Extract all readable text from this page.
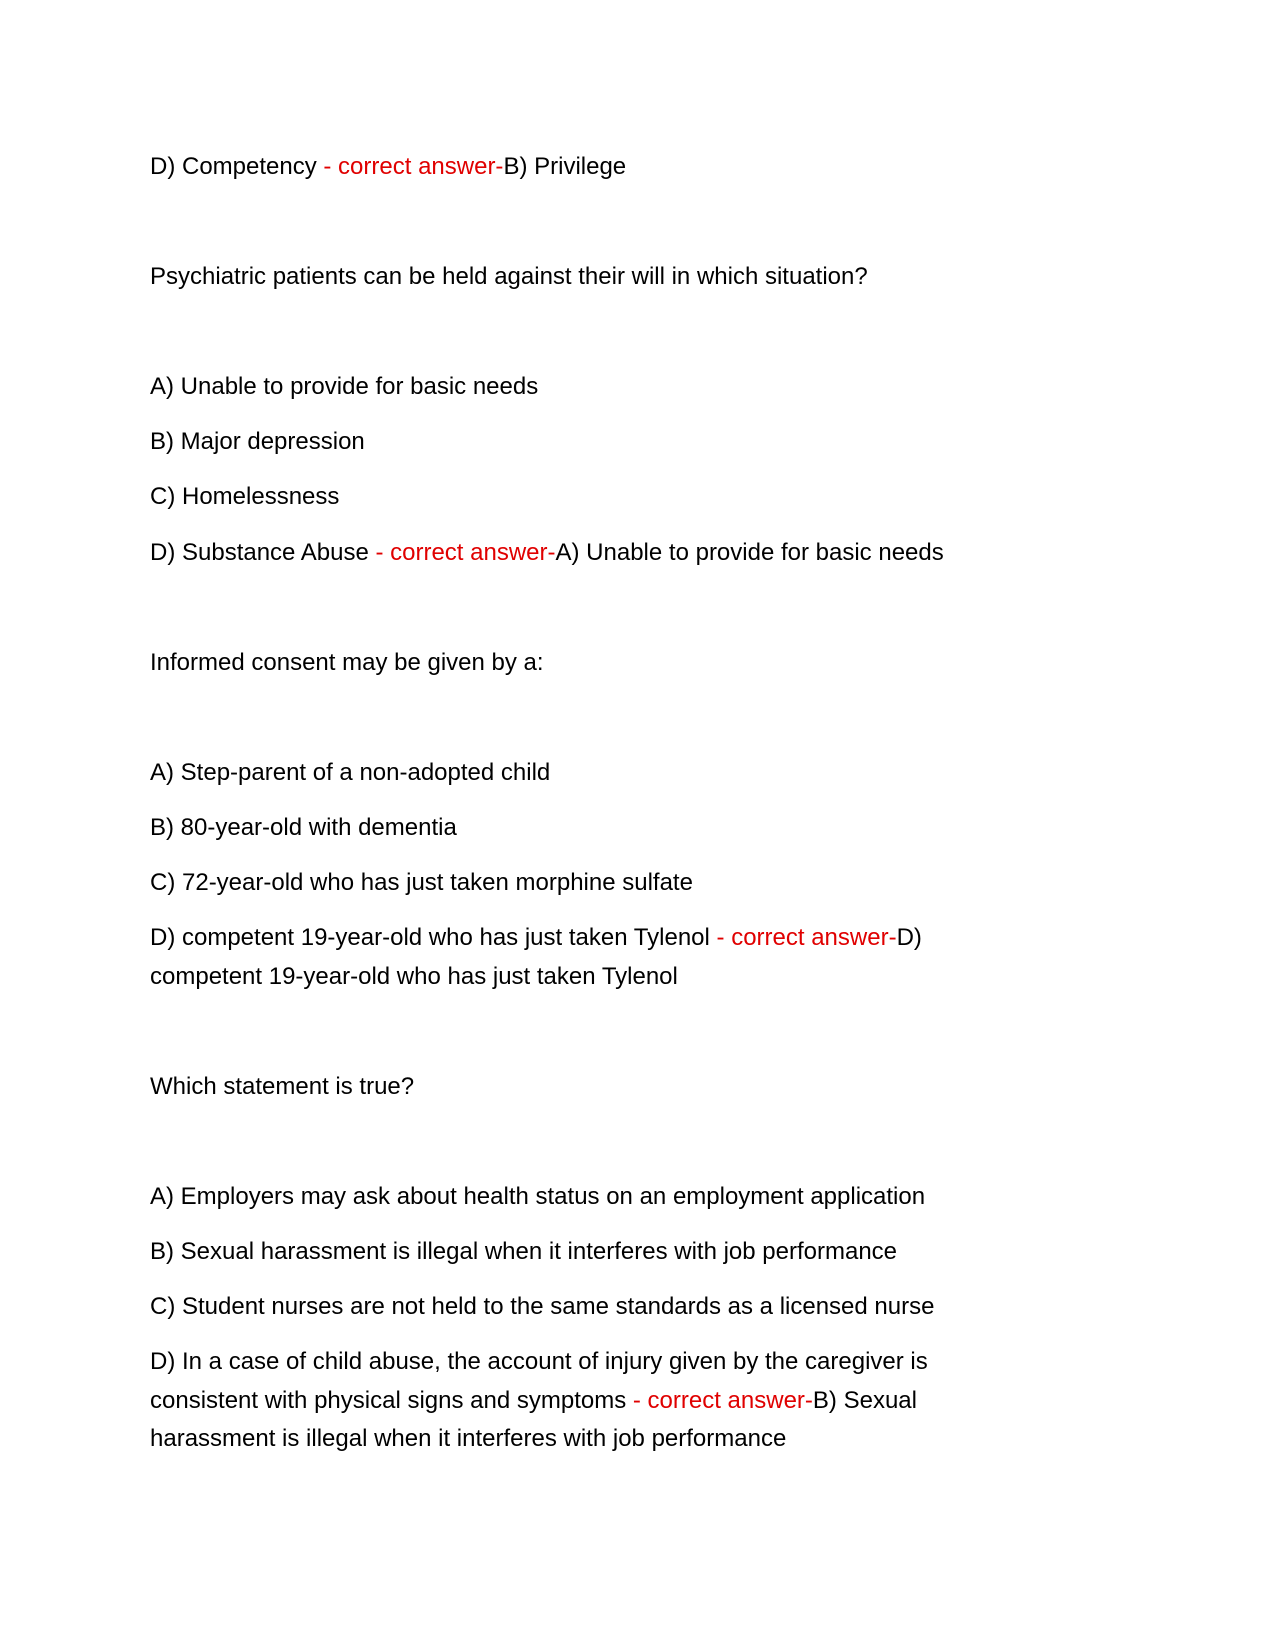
D) Competency - correct answer-B) Privilege
Psychiatric patients can be held against their will in which situation?
A) Unable to provide for basic needs
B) Major depression
C) Homelessness
D) Substance Abuse - correct answer-A) Unable to provide for basic needs
Informed consent may be given by a:
A) Step-parent of a non-adopted child
B) 80-year-old with dementia
C) 72-year-old who has just taken morphine sulfate
D) competent 19-year-old who has just taken Tylenol - correct answer-D)
competent 19-year-old who has just taken Tylenol
Which statement is true?
A) Employers may ask about health status on an employment application
B) Sexual harassment is illegal when it interferes with job performance
C) Student nurses are not held to the same standards as a licensed nurse
D) In a case of child abuse, the account of injury given by the caregiver is
consistent with physical signs and symptoms - correct answer-B) Sexual
harassment is illegal when it interferes with job performance
